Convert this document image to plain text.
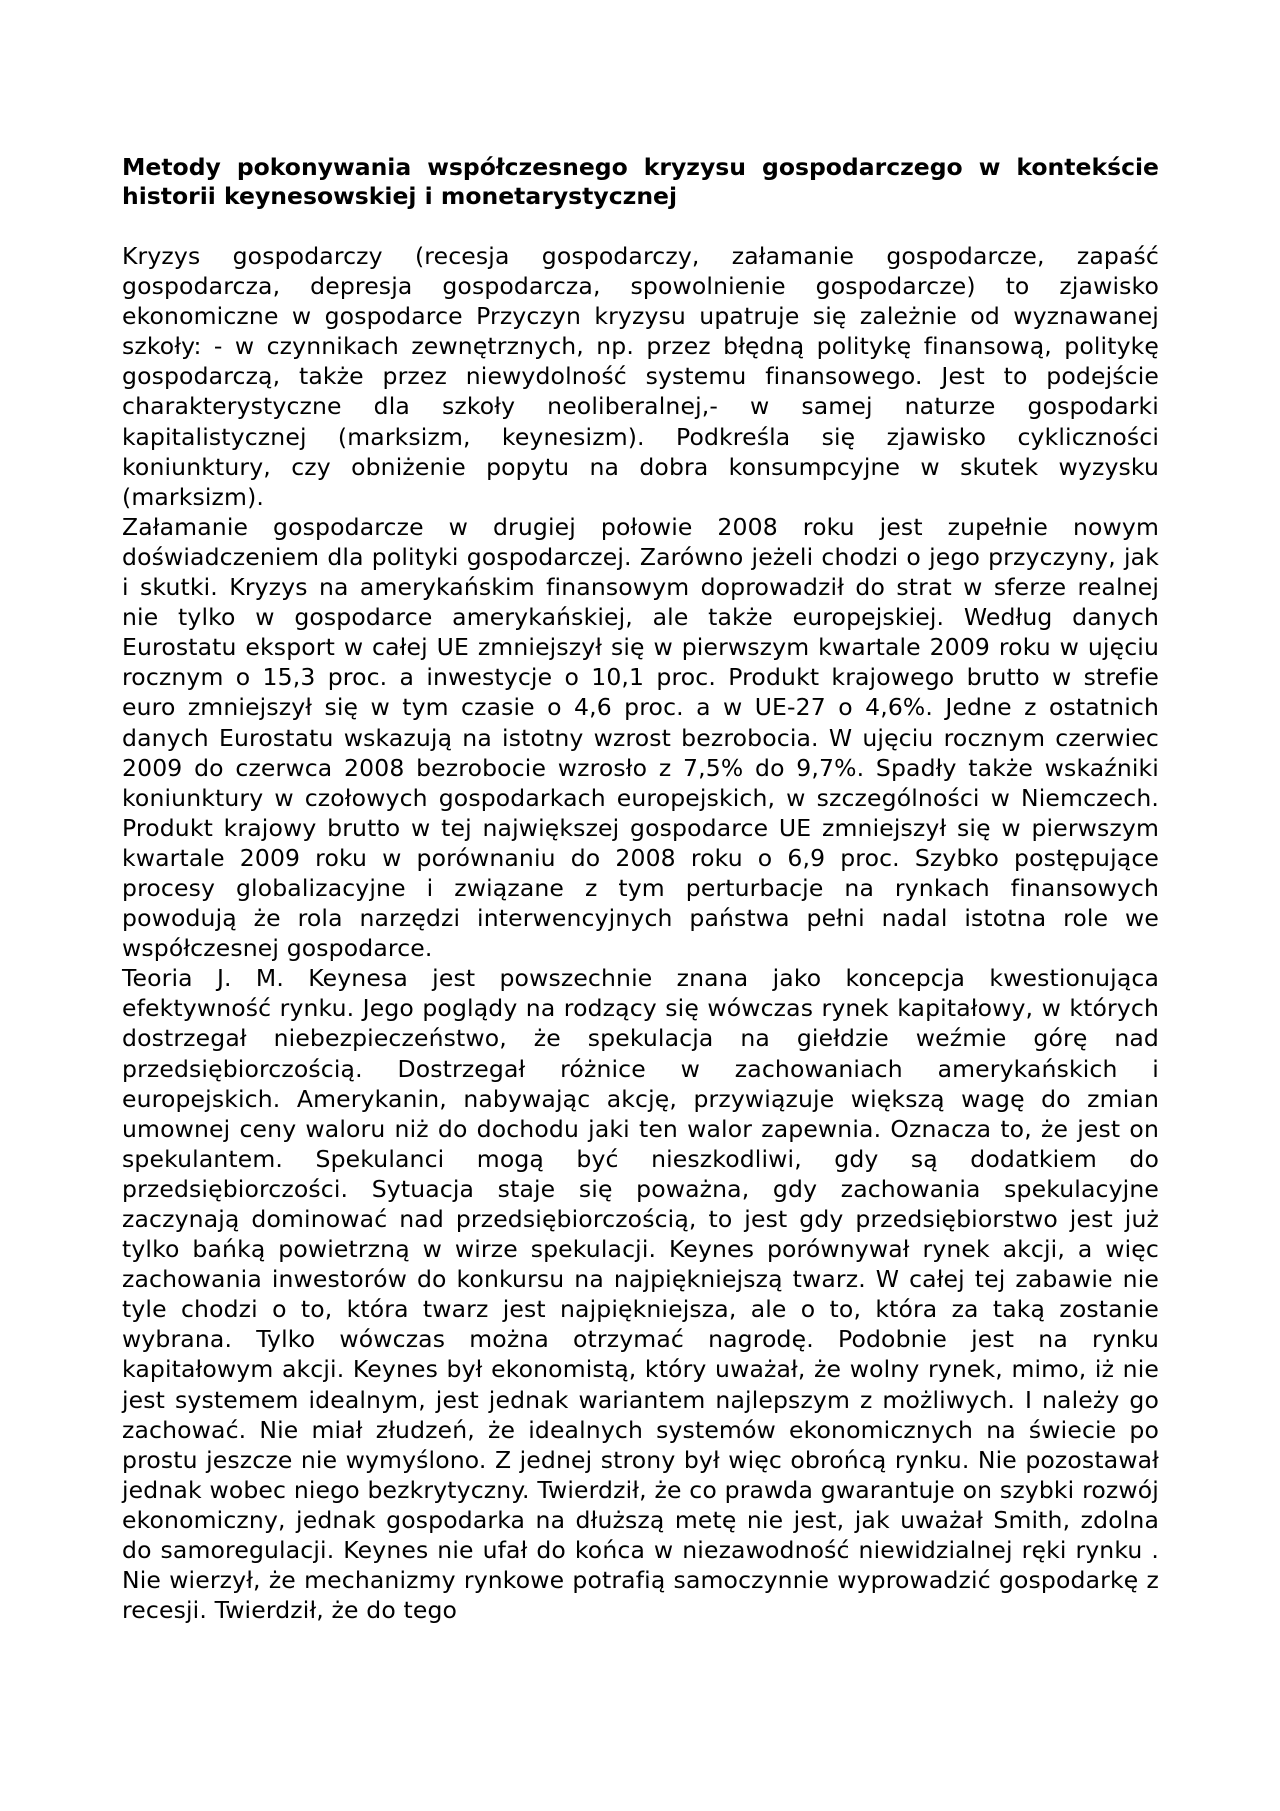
Metody pokonywania współczesnego kryzysu gospodarczego w kontekście historii keynesowskiej i monetarystycznej

Kryzys gospodarczy (recesja gospodarczy, załamanie gospodarcze, zapaść gospodarcza, depresja gospodarcza, spowolnienie gospodarcze) to zjawisko ekonomiczne w gospodarce Przyczyn kryzysu upatruje się zależnie od wyznawanej szkoły: - w czynnikach zewnętrznych, np. przez błędną politykę finansową, politykę gospodarczą, także przez niewydolność systemu finansowego. Jest to podejście charakterystyczne dla szkoły neoliberalnej,- w samej naturze gospodarki kapitalistycznej (marksizm, keynesizm). Podkreśla się zjawisko cykliczności koniunktury, czy obniżenie popytu na dobra konsumpcyjne w skutek wyzysku (marksizm).

Załamanie gospodarcze w drugiej połowie 2008 roku jest zupełnie nowym doświadczeniem dla polityki gospodarczej. Zarówno jeżeli chodzi o jego przyczyny, jak i skutki. Kryzys na amerykańskim finansowym doprowadził do strat w sferze realnej nie tylko w gospodarce amerykańskiej, ale także europejskiej. Według danych Eurostatu eksport w całej UE zmniejszył się w pierwszym kwartale 2009 roku w ujęciu rocznym o 15,3 proc. a inwestycje o 10,1 proc. Produkt krajowego brutto w strefie euro zmniejszył się w tym czasie o 4,6 proc. a w UE-27 o 4,6%. Jedne z ostatnich danych Eurostatu wskazują na istotny wzrost bezrobocia. W ujęciu rocznym czerwiec 2009 do czerwca 2008 bezrobocie wzrosło z 7,5% do 9,7%. Spadły także wskaźniki koniunktury w czołowych gospodarkach europejskich, w szczególności w Niemczech. Produkt krajowy brutto w tej największej gospodarce UE zmniejszył się w pierwszym kwartale 2009 roku w porównaniu do 2008 roku o 6,9 proc. Szybko postępujące procesy globalizacyjne i związane z tym perturbacje na rynkach finansowych powodują że rola narzędzi interwencyjnych państwa pełni nadal istotna role we współczesnej gospodarce.

Teoria J. M. Keynesa jest powszechnie znana jako koncepcja kwestionująca efektywność rynku. Jego poglądy na rodzący się wówczas rynek kapitałowy, w których dostrzegał niebezpieczeństwo, że spekulacja na giełdzie weźmie górę nad przedsiębiorczością. Dostrzegał różnice w zachowaniach amerykańskich i europejskich. Amerykanin, nabywając akcję, przywiązuje większą wagę do zmian umownej ceny waloru niż do dochodu jaki ten walor zapewnia. Oznacza to, że jest on spekulantem. Spekulanci mogą być nieszkodliwi, gdy są dodatkiem do przedsiębiorczości. Sytuacja staje się poważna, gdy zachowania spekulacyjne zaczynają dominować nad przedsiębiorczością, to jest gdy przedsiębiorstwo jest już tylko bańką powietrzną w wirze spekulacji. Keynes porównywał rynek akcji, a więc zachowania inwestorów do konkursu na najpiękniejszą twarz. W całej tej zabawie nie tyle chodzi o to, która twarz jest najpiękniejsza, ale o to, która za taką zostanie wybrana. Tylko wówczas można otrzymać nagrodę. Podobnie jest na rynku kapitałowym akcji. Keynes był ekonomistą, który uważał, że wolny rynek, mimo, iż nie jest systemem idealnym, jest jednak wariantem najlepszym z możliwych. I należy go zachować. Nie miał złudzeń, że idealnych systemów ekonomicznych na świecie po prostu jeszcze nie wymyślono. Z jednej strony był więc obrońcą rynku. Nie pozostawał jednak wobec niego bezkrytyczny. Twierdził, że co prawda gwarantuje on szybki rozwój ekonomiczny, jednak gospodarka na dłuższą metę nie jest, jak uważał Smith, zdolna do samoregulacji. Keynes nie ufał do końca w niezawodność niewidzialnej ręki rynku . Nie wierzył, że mechanizmy rynkowe potrafią samoczynnie wyprowadzić gospodarkę z recesji. Twierdził, że do tego
